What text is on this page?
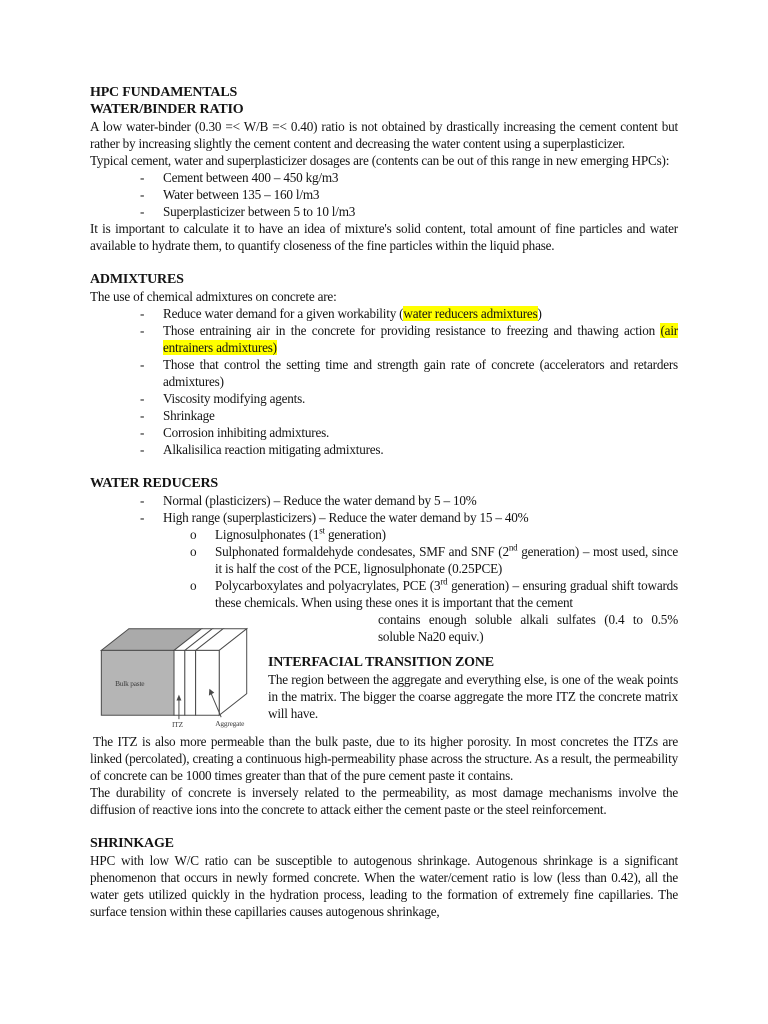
HPC FUNDAMENTALS
WATER/BINDER RATIO
A low water-binder (0.30 =< W/B =< 0.40) ratio is not obtained by drastically increasing the cement content but rather by increasing slightly the cement content and decreasing the water content using a superplasticizer.
Typical cement, water and superplasticizer dosages are (contents can be out of this range in new emerging HPCs):
- Cement between 400 – 450 kg/m3
- Water between 135 – 160 l/m3
- Superplasticizer between 5 to 10 l/m3
It is important to calculate it to have an idea of mixture's solid content, total amount of fine particles and water available to hydrate them, to quantify closeness of the fine particles within the liquid phase.
ADMIXTURES
The use of chemical admixtures on concrete are:
- Reduce water demand for a given workability (water reducers admixtures)
- Those entraining air in the concrete for providing resistance to freezing and thawing action (air entrainers admixtures)
- Those that control the setting time and strength gain rate of concrete (accelerators and retarders admixtures)
- Viscosity modifying agents.
- Shrinkage
- Corrosion inhibiting admixtures.
- Alkalisilica reaction mitigating admixtures.
WATER REDUCERS
- Normal (plasticizers) – Reduce the water demand by 5 – 10%
- High range (superplasticizers) – Reduce the water demand by 15 – 40%
o Lignosulphonates (1st generation)
o Sulphonated formaldehyde condesates, SMF and SNF (2nd generation) – most used, since it is half the cost of the PCE, lignosulphonate (0.25PCE)
o Polycarboxylates and polyacrylates, PCE (3rd generation) – ensuring gradual shift towards these chemicals. When using these ones it is important that the cement
Bulk paste
ITZ	Aggregate
contains enough soluble alkali sulfates (0.4 to 0.5% soluble Na20 equiv.)
INTERFACIAL TRANSITION ZONE
The region between the aggregate and everything else, is one of the weak points in the matrix. The bigger the coarse aggregate the more ITZ the concrete matrix will have.
The ITZ is also more permeable than the bulk paste, due to its higher porosity. In most concretes the ITZs are linked (percolated), creating a continuous high-permeability phase across the structure. As a result, the permeability of concrete can be 1000 times greater than that of the pure cement paste it contains.
The durability of concrete is inversely related to the permeability, as most damage mechanisms involve the diffusion of reactive ions into the concrete to attack either the cement paste or the steel reinforcement.
SHRINKAGE
HPC with low W/C ratio can be susceptible to autogenous shrinkage. Autogenous shrinkage is a significant phenomenon that occurs in newly formed concrete. When the water/cement ratio is low (less than 0.42), all the water gets utilized quickly in the hydration process, leading to the formation of extremely fine capillaries. The surface tension within these capillaries causes autogenous shrinkage,
